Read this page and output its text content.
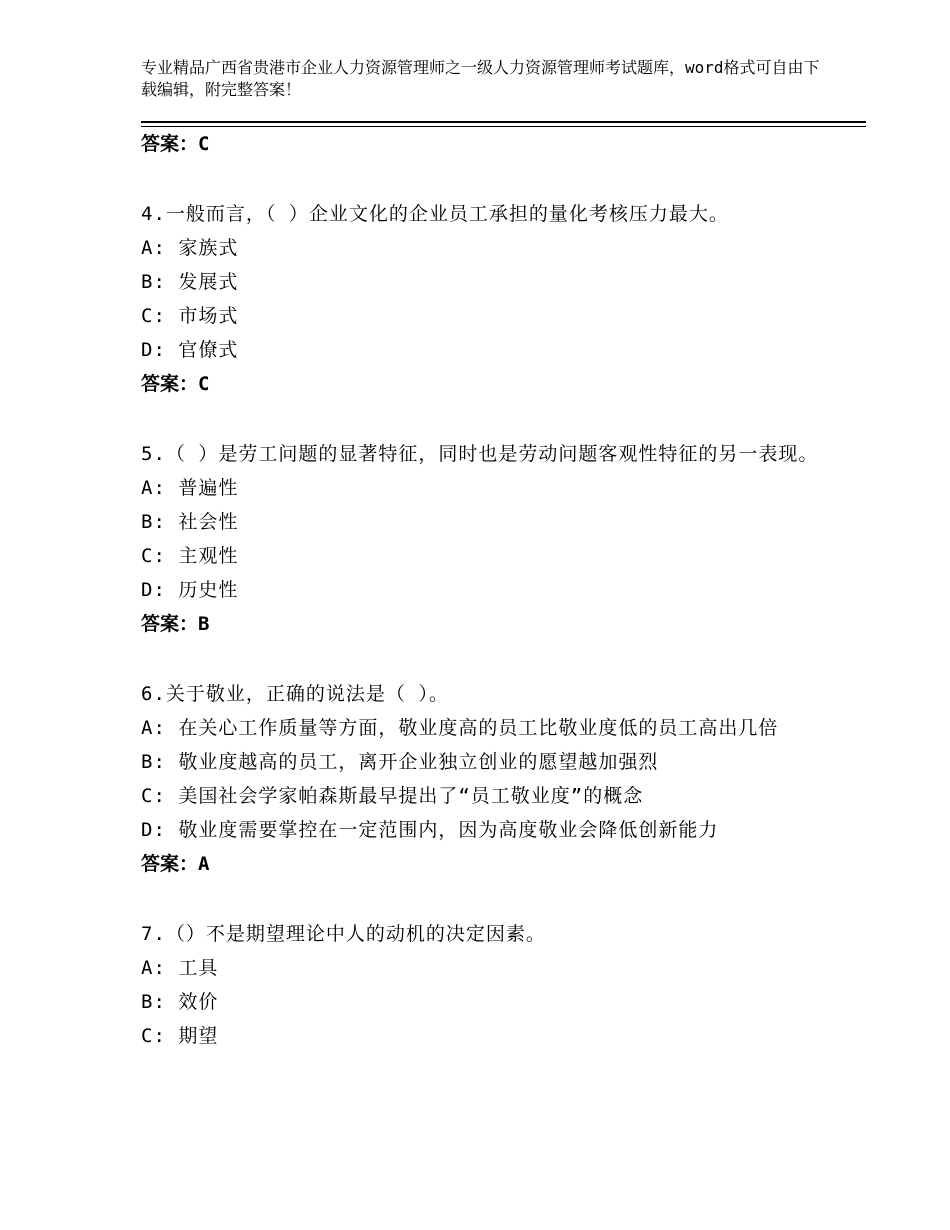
专业精品广西省贵港市企业人力资源管理师之一级人力资源管理师考试题库，word格式可自由下载编辑，附完整答案！
答案：C
4.一般而言，（ ）企业文化的企业员工承担的量化考核压力最大。
A: 家族式
B: 发展式
C: 市场式
D: 官僚式
答案：C
5.（ ）是劳工问题的显著特征，同时也是劳动问题客观性特征的另一表现。
A: 普遍性
B: 社会性
C: 主观性
D: 历史性
答案：B
6.关于敬业，正确的说法是（ ）。
A: 在关心工作质量等方面，敬业度高的员工比敬业度低的员工高出几倍
B: 敬业度越高的员工，离开企业独立创业的愿望越加强烈
C: 美国社会学家帕森斯最早提出了“员工敬业度”的概念
D: 敬业度需要掌控在一定范围内，因为高度敬业会降低创新能力
答案：A
7.（）不是期望理论中人的动机的决定因素。
A: 工具
B: 效价
C: 期望
